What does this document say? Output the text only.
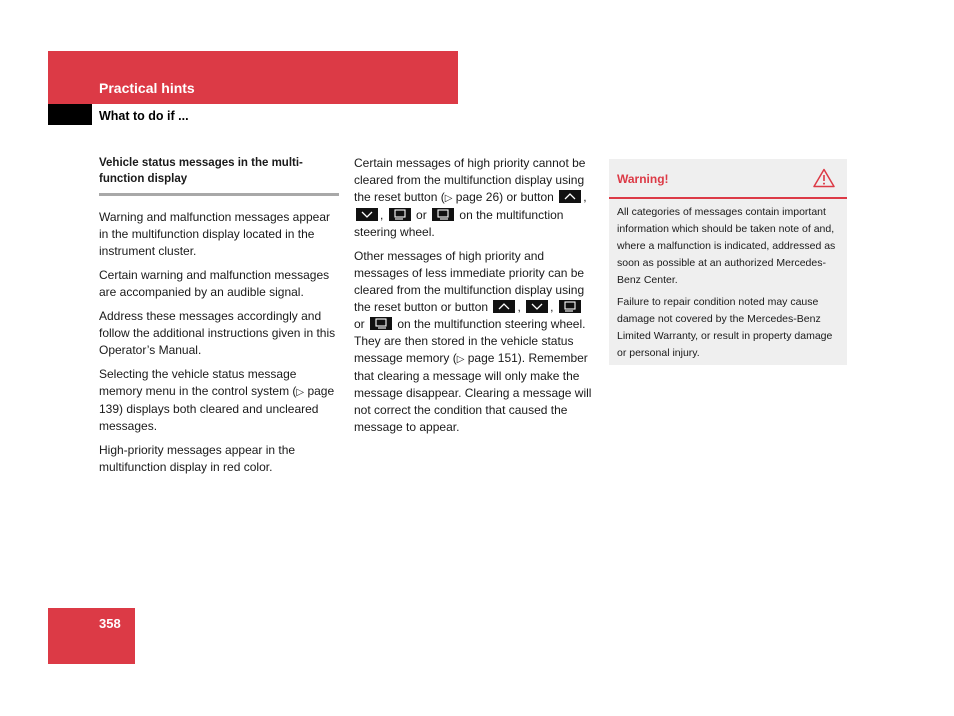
Practical hints
What to do if ...
Vehicle status messages in the multi-function display

Warning and malfunction messages appear in the multifunction display located in the instrument cluster.

Certain warning and malfunction messages are accompanied by an audible signal.

Address these messages accordingly and follow the additional instructions given in this Operator’s Manual.

Selecting the vehicle status message memory menu in the control system (▷ page 139) displays both cleared and uncleared messages.

High-priority messages appear in the multifunction display in red color.

Certain messages of high priority cannot be cleared from the multifunction display using the reset button (▷ page 26) or button ,
,	or	on the multifunction steering wheel.

Other messages of high priority and messages of less immediate priority can be cleared from the multifunction display using the reset button or button , ,
or	on the multifunction steering wheel. They are then stored in the vehicle status message memory (▷ page 151). Remember that clearing a message will only make the message disappear. Clearing a message will not correct the condition that caused the message to appear.

Warning!

All categories of messages contain important information which should be taken note of and, where a malfunction is indicated, addressed as soon as possible at an authorized Mercedes-Benz Center.

Failure to repair condition noted may cause damage not covered by the Mercedes-Benz Limited Warranty, or result in property damage or personal injury.

358
